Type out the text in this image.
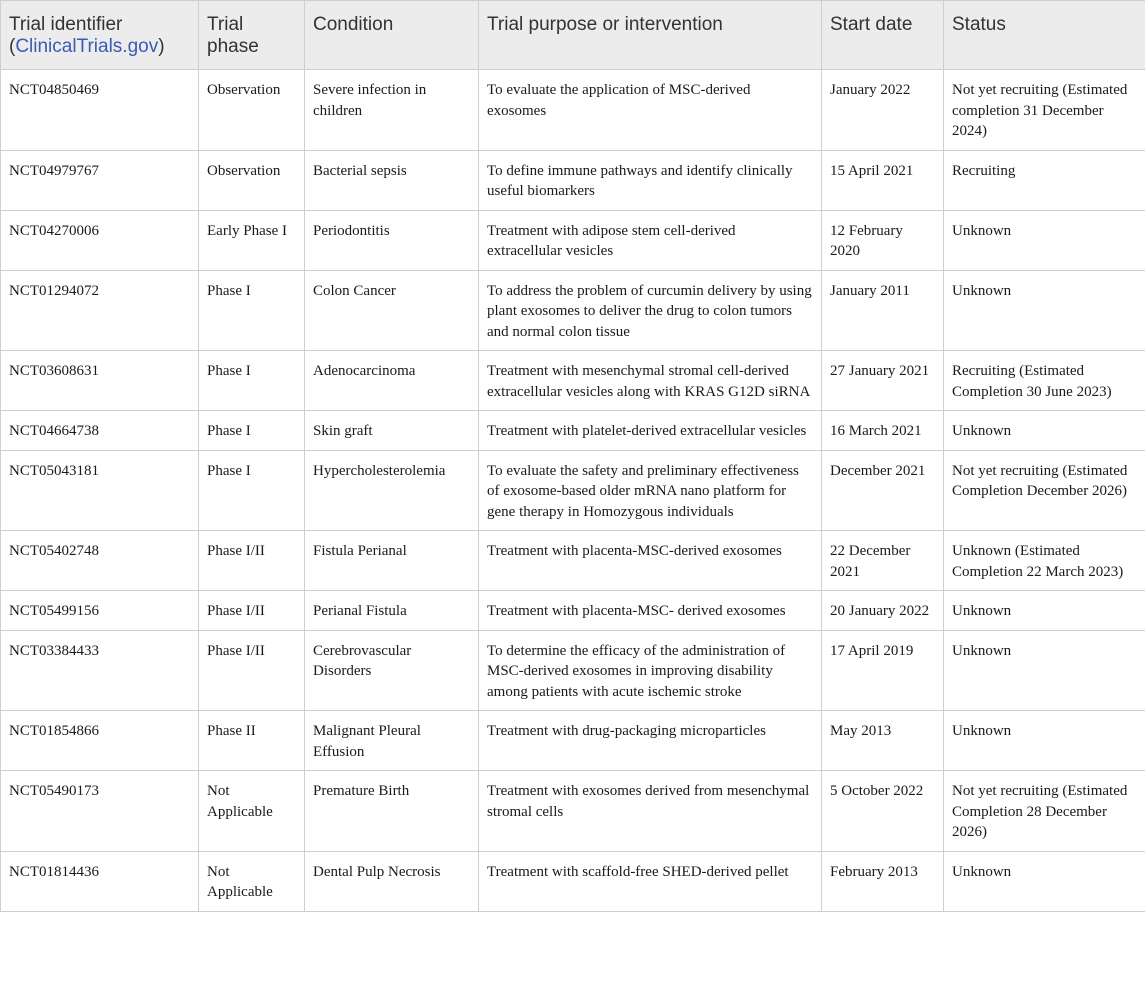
Trial identifier
(ClinicalTrials.gov)	Trial phase	Condition	Trial purpose or intervention	Start date	Status
NCT04850469	Observation	Severe infection in children	To evaluate the application of MSC-derived exosomes	January 2022	Not yet recruiting (Estimated completion 31 December 2024)
NCT04979767	Observation	Bacterial sepsis	To define immune pathways and identify clinically useful biomarkers	15 April 2021	Recruiting
NCT04270006	Early Phase I	Periodontitis	Treatment with adipose stem cell-derived extracellular vesicles	12 February 2020	Unknown
NCT01294072	Phase I	Colon Cancer	To address the problem of curcumin delivery by using plant exosomes to deliver the drug to colon tumors and normal colon tissue	January 2011	Unknown
NCT03608631	Phase I	Adenocarcinoma	Treatment with mesenchymal stromal cell-derived extracellular vesicles along with KRAS G12D siRNA	27 January 2021	Recruiting (Estimated Completion 30 June 2023)
NCT04664738	Phase I	Skin graft	Treatment with platelet-derived extracellular vesicles	16 March 2021	Unknown
NCT05043181	Phase I	Hypercholesterolemia	To evaluate the safety and preliminary effectiveness of exosome-based older mRNA nano platform for gene therapy in Homozygous individuals	December 2021	Not yet recruiting (Estimated Completion December 2026)
NCT05402748	Phase I/II	Fistula Perianal	Treatment with placenta-MSC-derived exosomes	22 December 2021	Unknown (Estimated Completion 22 March 2023)
NCT05499156	Phase I/II	Perianal Fistula	Treatment with placenta-MSC- derived exosomes	20 January 2022	Unknown
NCT03384433	Phase I/II	Cerebrovascular Disorders	To determine the efficacy of the administration of MSC-derived exosomes in improving disability among patients with acute ischemic stroke	17 April 2019	Unknown
NCT01854866	Phase II	Malignant Pleural Effusion	Treatment with drug-packaging microparticles	May 2013	Unknown
NCT05490173	Not Applicable	Premature Birth	Treatment with exosomes derived from mesenchymal stromal cells	5 October 2022	Not yet recruiting (Estimated Completion 28 December 2026)
NCT01814436	Not Applicable	Dental Pulp Necrosis	Treatment with scaffold-free SHED-derived pellet	February 2013	Unknown
